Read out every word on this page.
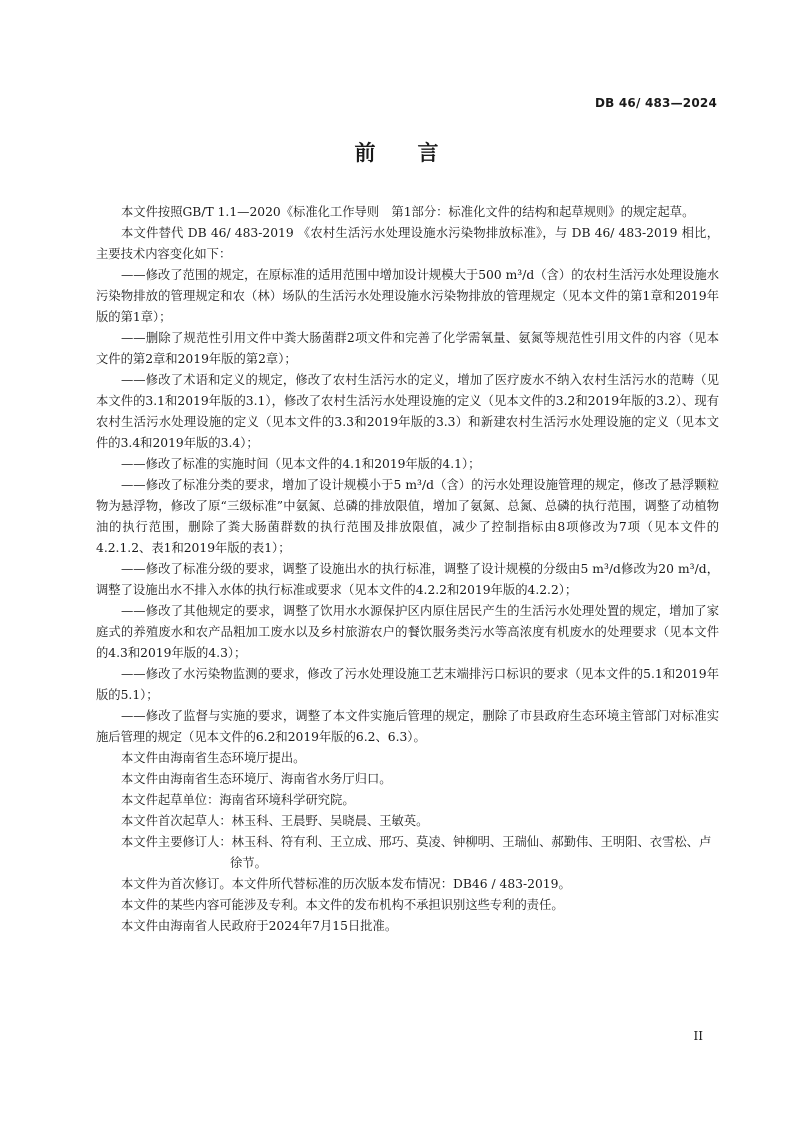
DB 46/ 483—2024
前言

本文件按照GB/T 1.1—2020《标准化工作导则　第1部分：标准化文件的结构和起草规则》的规定起草。

本文件替代 DB 46/ 483-2019 《农村生活污水处理设施水污染物排放标准》，与 DB 46/ 483-2019 相比，主要技术内容变化如下：

——修改了范围的规定，在原标准的适用范围中增加设计规模大于500 m³/d（含）的农村生活污水处理设施水污染物排放的管理规定和农（林）场队的生活污水处理设施水污染物排放的管理规定（见本文件的第1章和2019年版的第1章）；

——删除了规范性引用文件中粪大肠菌群2项文件和完善了化学需氧量、氨氮等规范性引用文件的内容（见本文件的第2章和2019年版的第2章）；

——修改了术语和定义的规定，修改了农村生活污水的定义，增加了医疗废水不纳入农村生活污水的范畴（见本文件的3.1和2019年版的3.1），修改了农村生活污水处理设施的定义（见本文件的3.2和2019年版的3.2）、现有农村生活污水处理设施的定义（见本文件的3.3和2019年版的3.3）和新建农村生活污水处理设施的定义（见本文件的3.4和2019年版的3.4）；

——修改了标准的实施时间（见本文件的4.1和2019年版的4.1）；

——修改了标准分类的要求，增加了设计规模小于5 m³/d（含）的污水处理设施管理的规定，修改了悬浮颗粒物为悬浮物，修改了原“三级标准”中氨氮、总磷的排放限值，增加了氨氮、总氮、总磷的执行范围，调整了动植物油的执行范围，删除了粪大肠菌群数的执行范围及排放限值，减少了控制指标由8项修改为7项（见本文件的4.2.1.2、表1和2019年版的表1）；

——修改了标准分级的要求，调整了设施出水的执行标准，调整了设计规模的分级由5 m³/d修改为20 m³/d，调整了设施出水不排入水体的执行标准或要求（见本文件的4.2.2和2019年版的4.2.2）；

——修改了其他规定的要求，调整了饮用水水源保护区内原住居民产生的生活污水处理处置的规定，增加了家庭式的养殖废水和农产品粗加工废水以及乡村旅游农户的餐饮服务类污水等高浓度有机废水的处理要求（见本文件的4.3和2019年版的4.3）；

——修改了水污染物监测的要求，修改了污水处理设施工艺末端排污口标识的要求（见本文件的5.1和2019年版的5.1）；

——修改了监督与实施的要求，调整了本文件实施后管理的规定，删除了市县政府生态环境主管部门对标准实施后管理的规定（见本文件的6.2和2019年版的6.2、6.3）。

本文件由海南省生态环境厅提出。

本文件由海南省生态环境厅、海南省水务厅归口。

本文件起草单位：海南省环境科学研究院。

本文件首次起草人：林玉科、王晨野、吴晓晨、王敏英。

本文件主要修订人：林玉科、符有利、王立成、邢巧、莫凌、钟柳明、王瑞仙、郝勤伟、王明阳、衣雪松、卢徐节。

本文件为首次修订。本文件所代替标准的历次版本发布情况：DB46 / 483-2019。

本文件的某些内容可能涉及专利。本文件的发布机构不承担识别这些专利的责任。

本文件由海南省人民政府于2024年7月15日批准。

II
